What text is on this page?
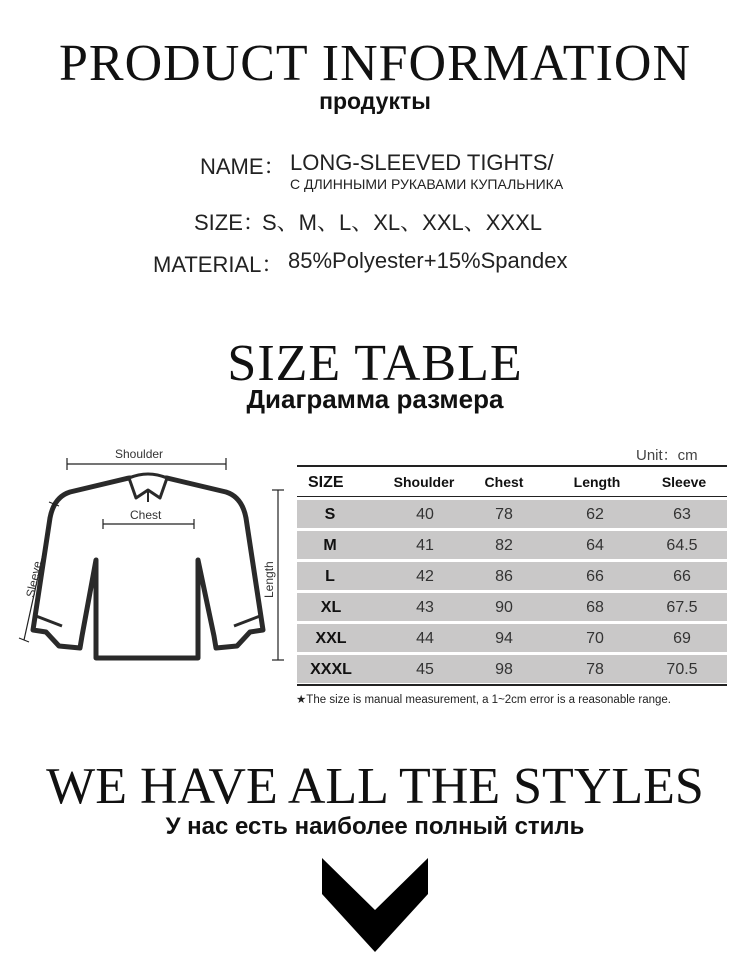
PRODUCT INFORMATION
продукты
NAME： LONG-SLEEVED TIGHTS/
С ДЛИННЫМИ РУКАВАМИ КУПАЛЬНИКА
SIZE：
S、M、L、XL、XXL、XXXL
MATERIAL： 85%Polyester+15%Spandex
SIZE TABLE
Диаграмма размера
Shoulder
Chest
Sleeve	Length
Unit：cm
SIZE	Shoulder	Chest	Length	Sleeve
S	40	78	62	63
M	41	82	64	64.5
L	42	86	66	66
XL	43	90	68	67.5
XXL	44	94	70	69
XXXL	45	98	78	70.5
★The size is manual measurement, a 1~2cm error is a reasonable range.
WE HAVE ALL THE STYLES
У нас есть наиболее полный стиль
